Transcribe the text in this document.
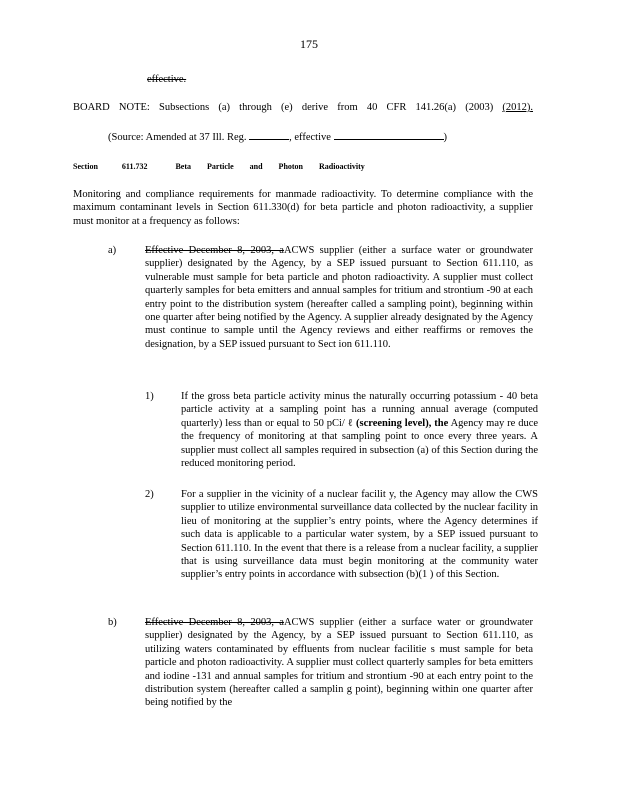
175
effective.
BOARD NOTE: Subsections (a) through (e) derive from 40 CFR 141.26(a) (2003) (2012).
(Source: Amended at 37 Ill. Reg.	, effective	)
Section	611.732	Beta Particle and Photon Radioactivity
Monitoring and compliance requirements for manmade radioactivity. To determine compliance with the maximum contaminant levels in Section 611.330(d) for beta particle and photon radioactivity, a supplier must monitor at a frequency as follows:
a)	Effective December 8, 2003, aACWS supplier (either a surface water or groundwater supplier) designated by the Agency, by a SEP issued pursuant to Section 611.110, as vulnerable must sample for beta particle and photon radioactivity. A supplier must collect quarterly samples for beta emitters and annual samples for tritium and strontium -90 at each entry point to the distribution system (hereafter called a sampling point), beginning within one quarter after being notified by the Agency. A supplier already designated by the Agency must continue to sample until the Agency reviews and either reaffirms or removes the designation, by a SEP issued pursuant to Sect ion 611.110.
1)	If the gross beta particle activity minus the naturally occurring potassium - 40 beta particle activity at a sampling point has a running annual average (computed quarterly) less than or equal to 50 pCi/ ℓ (screening level), the Agency may re duce the frequency of monitoring at that sampling point to once every three years. A supplier must collect all samples required in subsection (a) of this Section during the reduced monitoring period.
2)	For a supplier in the vicinity of a nuclear facilit y, the Agency may allow the CWS supplier to utilize environmental surveillance data collected by the nuclear facility in lieu of monitoring at the supplier’s entry points, where the Agency determines if such data is applicable to a particular water system, by a SEP issued pursuant to Section 611.110. In the event that there is a release from a nuclear facility, a supplier that is using surveillance data must begin monitoring at the community water supplier’s entry points in accordance with subsection (b)(1 ) of this Section.
b)	Effective December 8, 2003, aACWS supplier (either a surface water or groundwater supplier) designated by the Agency, by a SEP issued pursuant to Section 611.110, as utilizing waters contaminated by effluents from nuclear facilitie s must sample for beta particle and photon radioactivity. A supplier must collect quarterly samples for beta emitters and iodine -131 and annual samples for tritium and strontium -90 at each entry point to the distribution system (hereafter called a samplin g point), beginning within one quarter after being notified by the
